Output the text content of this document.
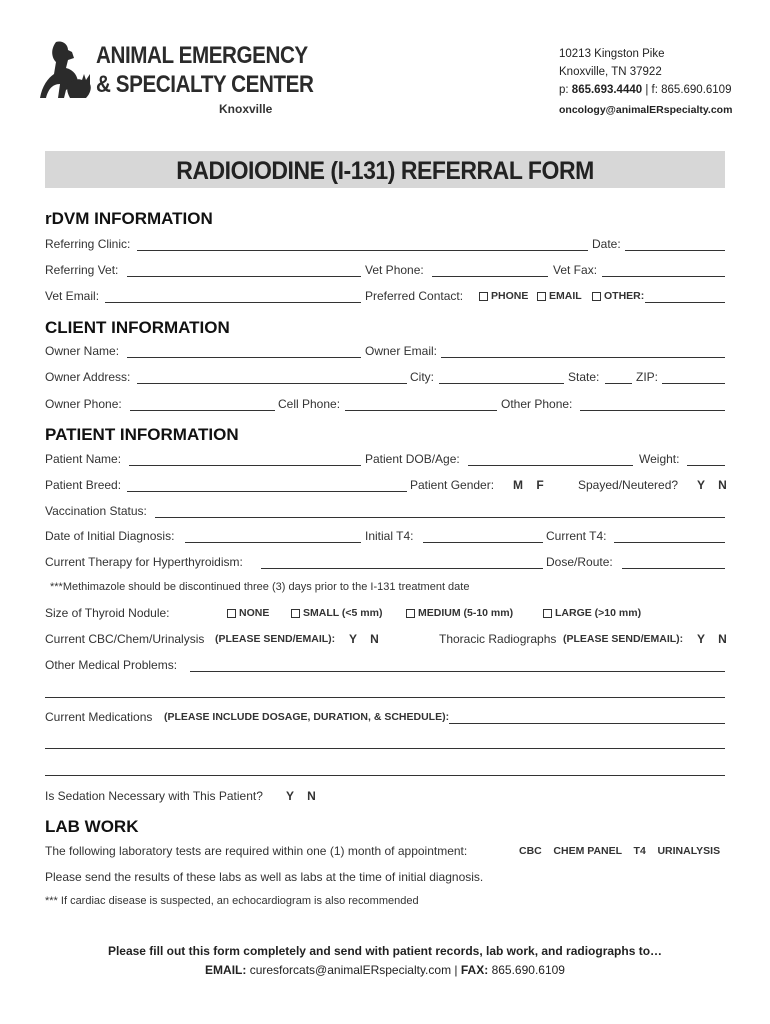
ANIMAL EMERGENCY
& SPECIALTY CENTER
Knoxville
10213 Kingston Pike
Knoxville, TN 37922
p: 865.693.4440 | f: 865.690.6109
oncology@animalERspecialty.com
RADIOIODINE (I-131) REFERRAL FORM
rDVM INFORMATION
Referring Clinic:	Date:
Referring Vet:	Vet Phone:	Vet Fax:
Vet Email:	Preferred Contact:	PHONE	EMAIL	OTHER:
CLIENT INFORMATION
Owner Name:	Owner Email:
Owner Address:	City:	State:	ZIP:
Owner Phone:	Cell Phone:	Other Phone:
PATIENT INFORMATION
Patient Name:	Patient DOB/Age:	Weight:
Patient Breed:	Patient Gender: M    F	Spayed/Neutered? Y    N
Vaccination Status:
Date of Initial Diagnosis:	Initial T4:	Current T4:
Current Therapy for Hyperthyroidism:	Dose/Route:
***Methimazole should be discontinued three (3) days prior to the I-131 treatment date
Size of Thyroid Nodule:	NONE	SMALL (<5 mm)	MEDIUM (5-10 mm)	LARGE (>10 mm)
Current CBC/Chem/Urinalysis (PLEASE SEND/EMAIL): Y    N	Thoracic Radiographs (PLEASE SEND/EMAIL): Y    N
Other Medical Problems:
Current Medications (PLEASE INCLUDE DOSAGE, DURATION, & SCHEDULE):
Is Sedation Necessary with This Patient? Y    N
LAB WORK
The following laboratory tests are required within one (1) month of appointment:	CBC    CHEM PANEL    T4    URINALYSIS
Please send the results of these labs as well as labs at the time of initial diagnosis.
*** If cardiac disease is suspected, an echocardiogram is also recommended
Please fill out this form completely and send with patient records, lab work, and radiographs to…
EMAIL: curesforcats@animalERspecialty.com | FAX: 865.690.6109
